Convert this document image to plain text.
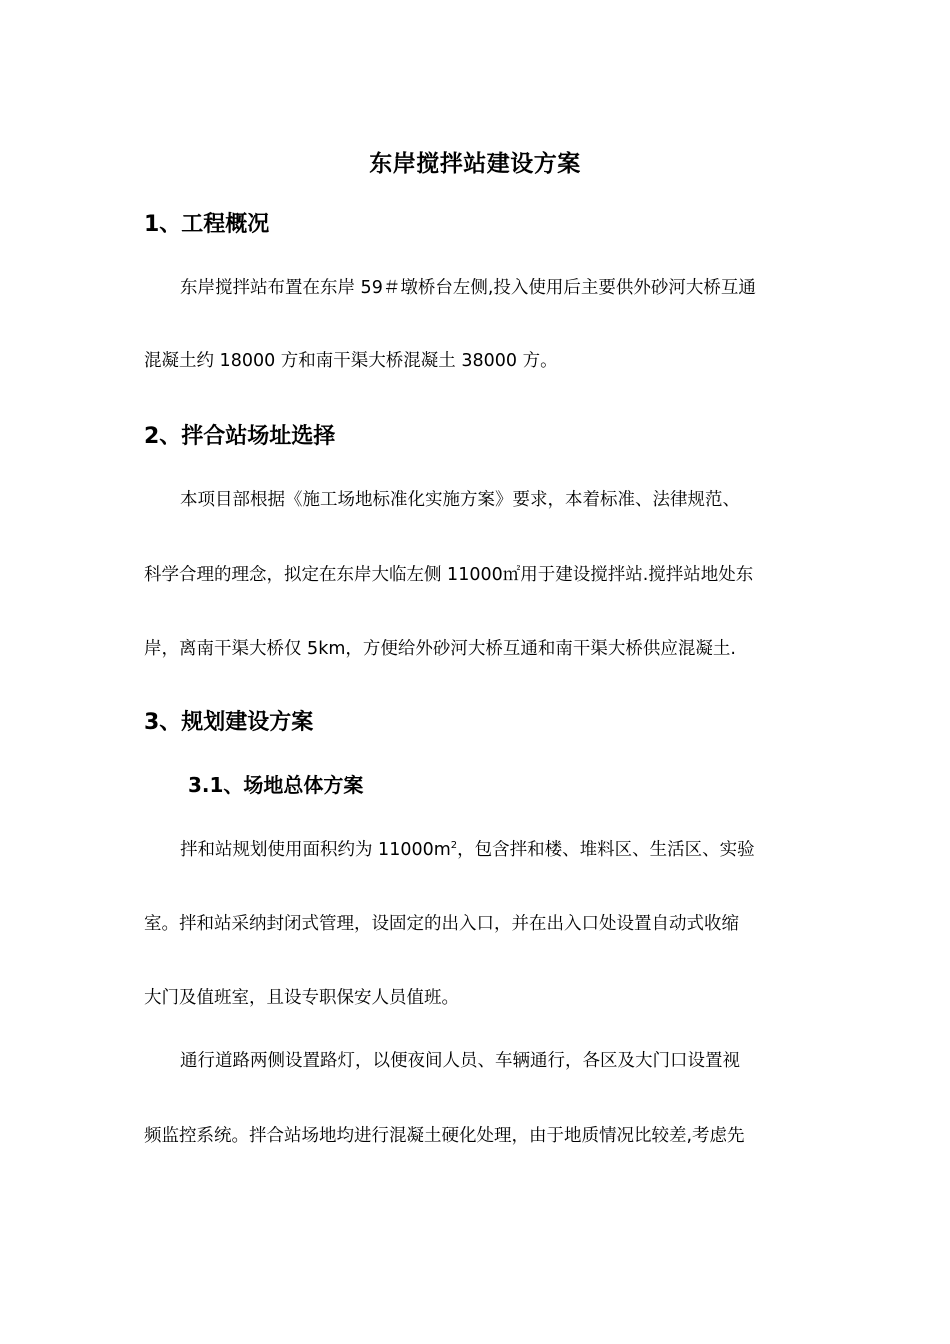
东岸搅拌站建设方案
1、工程概况
东岸搅拌站布置在东岸 59＃墩桥台左侧,投入使用后主要供外砂河大桥互通
混凝土约 18000 方和南干渠大桥混凝土 38000 方。
2、拌合站场址选择
本项目部根据《施工场地标准化实施方案》要求，本着标准、法律规范、
科学合理的理念，拟定在东岸大临左侧 11000㎡用于建设搅拌站.搅拌站地处东
岸，离南干渠大桥仅 5km，方便给外砂河大桥互通和南干渠大桥供应混凝土.
3、规划建设方案
3.1、场地总体方案
拌和站规划使用面积约为 $11000m^2$，包含拌和楼、堆料区、生活区、实验
室。拌和站采纳封闭式管理，设固定的出入口，并在出入口处设置自动式收缩
大门及值班室，且设专职保安人员值班。
通行道路两侧设置路灯，以便夜间人员、车辆通行，各区及大门口设置视
频监控系统。拌合站场地均进行混凝土硬化处理，由于地质情况比较差,考虑先
